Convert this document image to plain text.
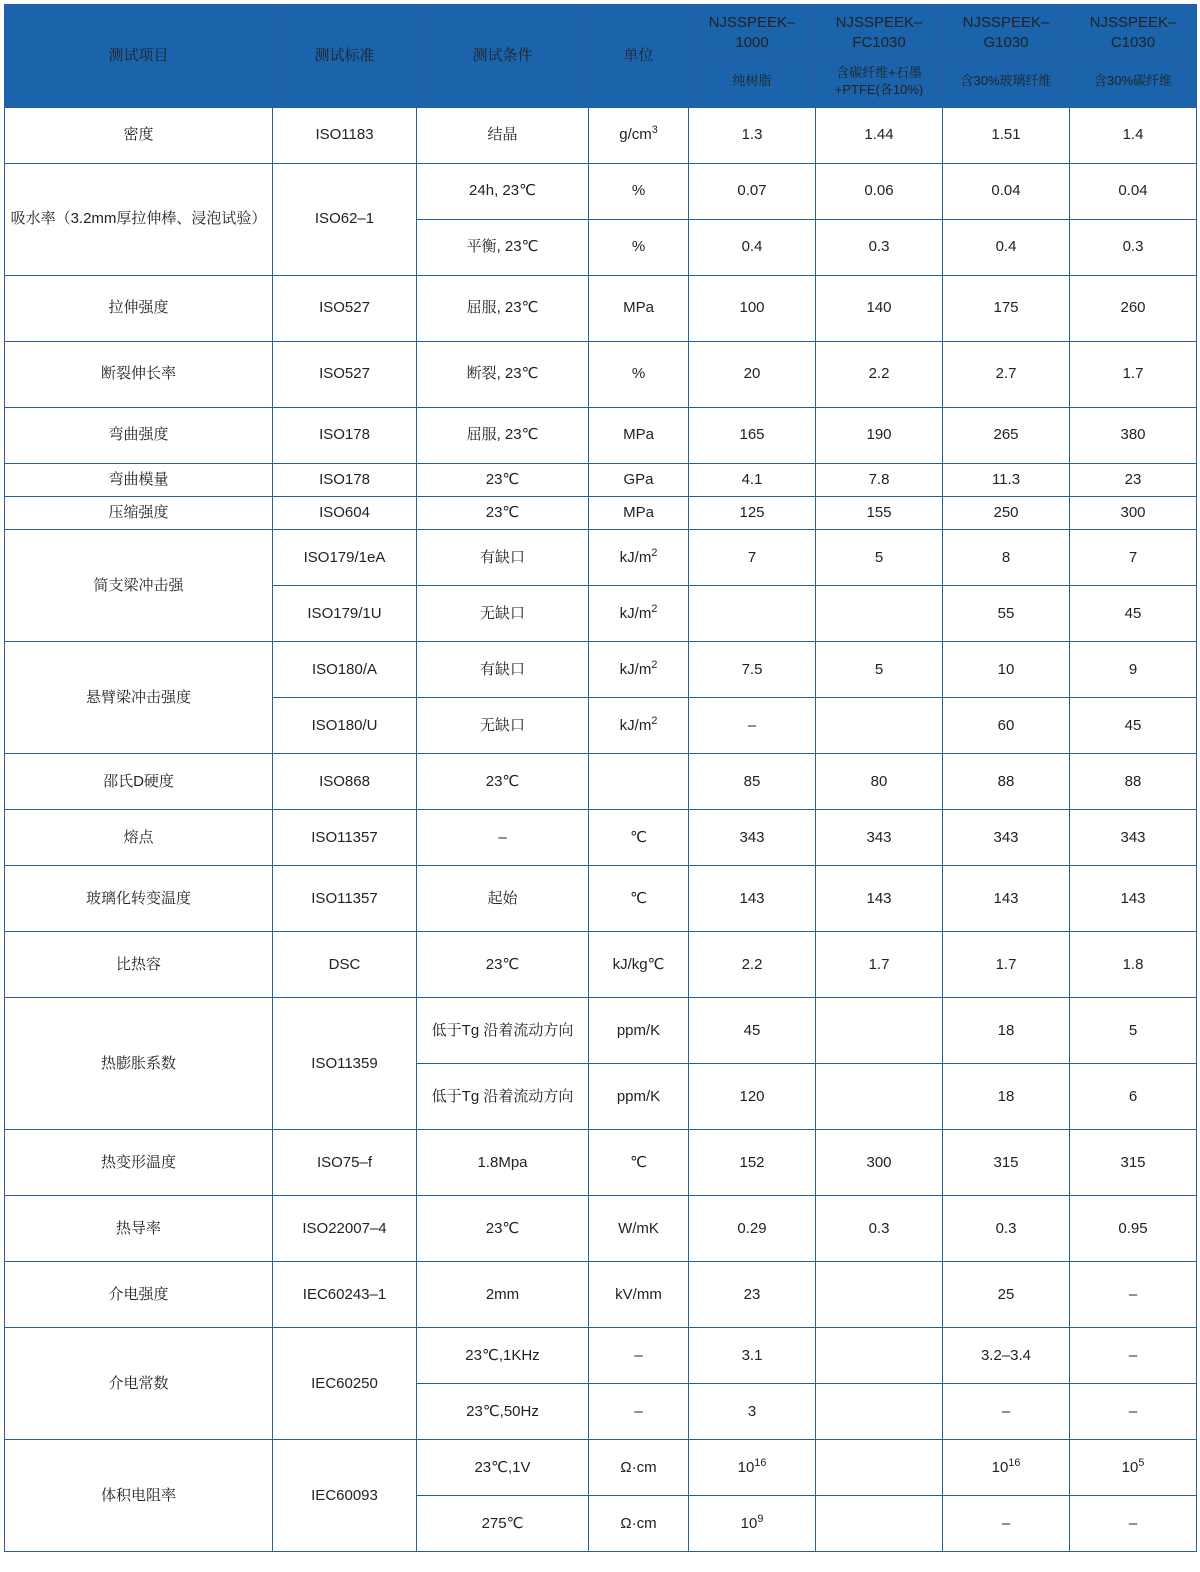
测试项目	测试标准	测试条件	单位	NJSSPEEK–1000	NJSSPEEK–FC1030	NJSSPEEK–G1030	NJSSPEEK–C1030
				纯树脂	含碳纤维+石墨+PTFE(各10%)	含30%玻璃纤维	含30%碳纤维
密度	ISO1183	结晶	$g/cm^3$	1.3	1.44	1.51	1.4
吸水率（3.2mm厚拉伸棒、浸泡试验）	ISO62–1	24h, 23℃	%	0.07	0.06	0.04	0.04
		平衡, 23℃	%	0.4	0.3	0.4	0.3
拉伸强度	ISO527	屈服, 23℃	MPa	100	140	175	260
断裂伸长率	ISO527	断裂, 23℃	%	20	2.2	2.7	1.7
弯曲强度	ISO178	屈服, 23℃	MPa	165	190	265	380
弯曲模量	ISO178	23℃	GPa	4.1	7.8	11.3	23
压缩强度	ISO604	23℃	MPa	125	155	250	300
简支梁冲击强	ISO179/1eA	有缺口	$kJ/m^2$	7	5	8	7
	ISO179/1U	无缺口	$kJ/m^2$			55	45
悬臂梁冲击强度	ISO180/A	有缺口	$kJ/m^2$	7.5	5	10	9
	ISO180/U	无缺口	$kJ/m^2$	–		60	45
邵氏D硬度	ISO868	23℃		85	80	88	88
熔点	ISO11357	–	℃	343	343	343	343
玻璃化转变温度	ISO11357	起始	℃	143	143	143	143
比热容	DSC	23℃	kJ/kg℃	2.2	1.7	1.7	1.8
热膨胀系数	ISO11359	低于Tg 沿着流动方向	ppm/K	45		18	5
		低于Tg 沿着流动方向	ppm/K	120		18	6
热变形温度	ISO75–f	1.8Mpa	℃	152	300	315	315
热导率	ISO22007–4	23℃	W/mK	0.29	0.3	0.3	0.95
介电强度	IEC60243–1	2mm	kV/mm	23		25	–
介电常数	IEC60250	23℃,1KHz	–	3.1		3.2–3.4	–
		23℃,50Hz	–	3		–	–
体积电阻率	IEC60093	23℃,1V	Ω·cm	$10^{16}$		$10^{16}$	$10^5$
		275℃	Ω·cm	$10^9$		–	–
